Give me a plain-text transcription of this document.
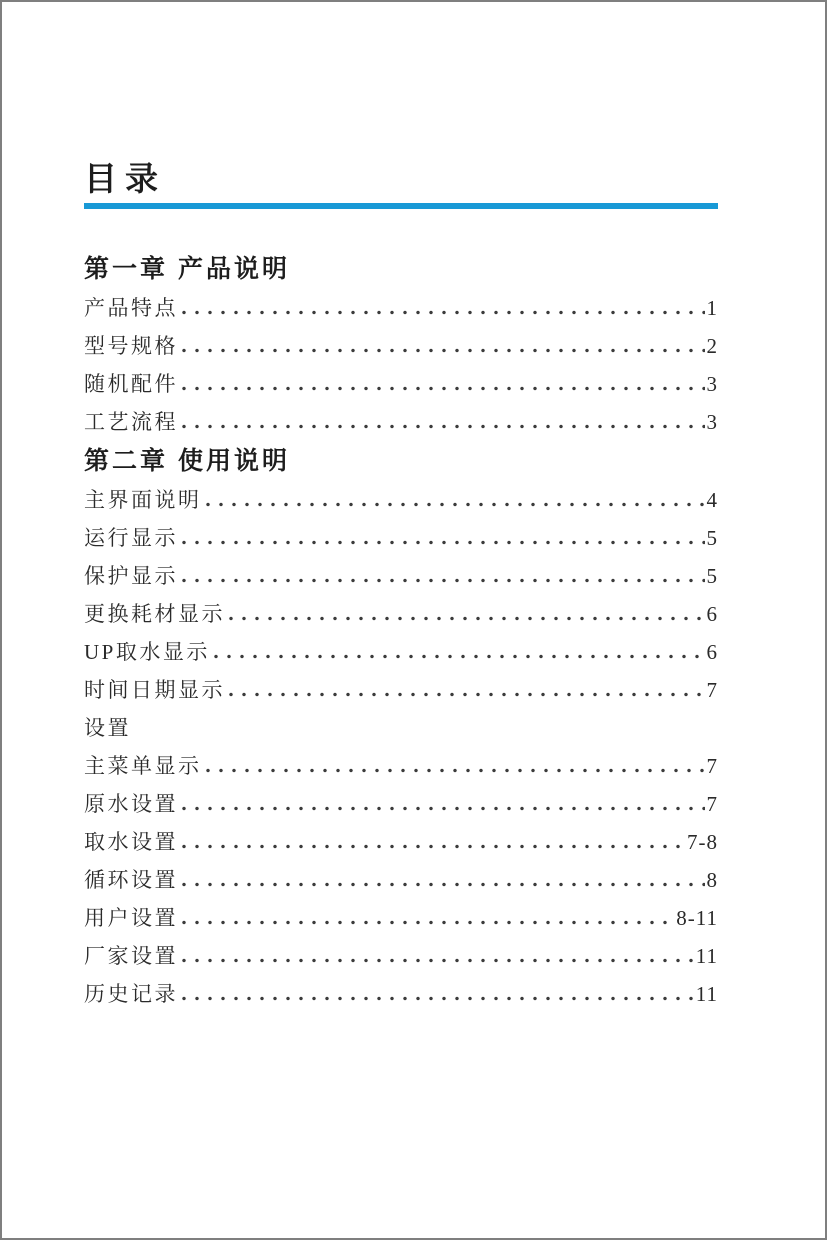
目录
第一章 产品说明
产品特点	1
型号规格	2
随机配件	3
工艺流程	3
第二章 使用说明
主界面说明	4
运行显示	5
保护显示	5
更换耗材显示	6
UP取水显示	6
时间日期显示	7
设置
主菜单显示	7
原水设置	7
取水设置	7-8
循环设置	8
用户设置	8-11
厂家设置	11
历史记录	11
